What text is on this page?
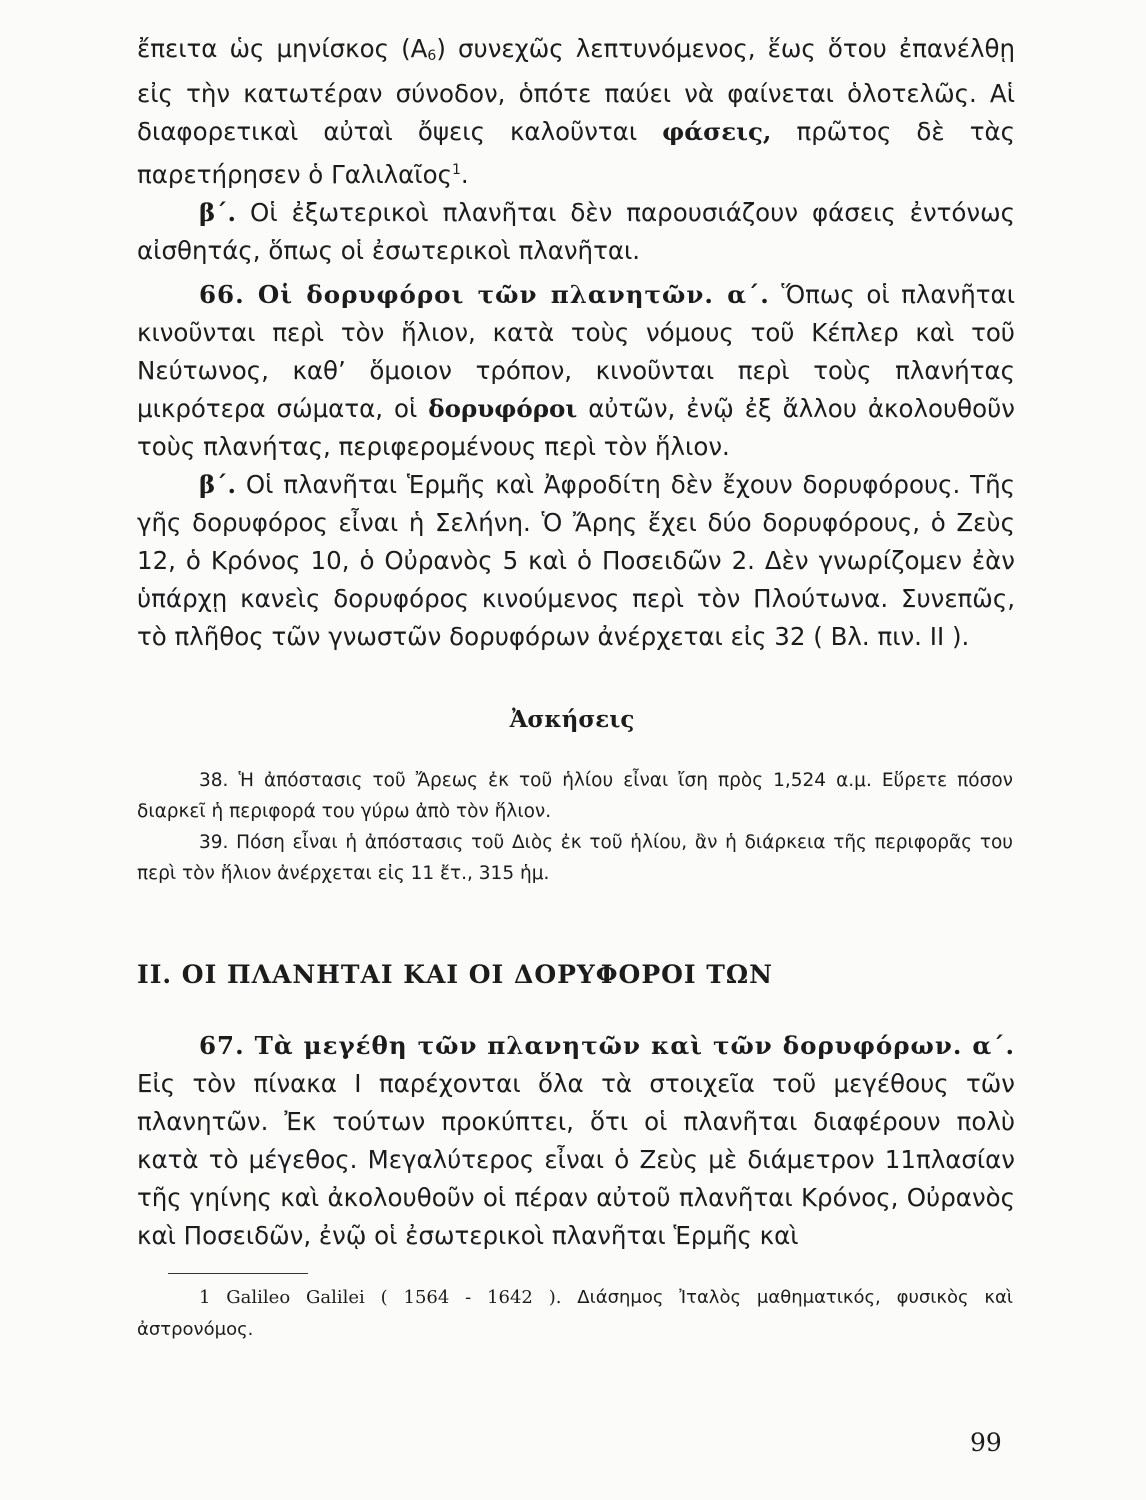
ἔπειτα ὡς μηνίσκος $(A_6)$ συνεχῶς λεπτυνόμενος, ἕως ὅτου ἐπανέλθῃ εἰς τὴν κατωτέραν σύνοδον, ὁπότε παύει νὰ φαίνεται ὁλοτελῶς. Αἱ διαφορετικαὶ αὐταὶ ὄψεις καλοῦνται φάσεις, πρῶτος δὲ τὰς παρετήρησεν ὁ Γαλιλαῖος$^1$.

β΄. Οἱ ἐξωτερικοὶ πλανῆται δὲν παρουσιάζουν φάσεις ἐντόνως αἰσθητάς, ὅπως οἱ ἐσωτερικοὶ πλανῆται.

66. Οἱ δορυφόροι τῶν πλανητῶν. α΄. Ὅπως οἱ πλανῆται κινοῦνται περὶ τὸν ἥλιον, κατὰ τοὺς νόμους τοῦ Κέπλερ καὶ τοῦ Νεύτωνος, καθ’ ὅμοιον τρόπον, κινοῦνται περὶ τοὺς πλανήτας μικρότερα σώματα, οἱ δορυφόροι αὐτῶν, ἐνῷ ἐξ ἄλλου ἀκολουθοῦν τοὺς πλανήτας, περιφερομένους περὶ τὸν ἥλιον.

β΄. Οἱ πλανῆται Ἑρμῆς καὶ Ἀφροδίτη δὲν ἔχουν δορυφόρους. Τῆς γῆς δορυφόρος εἶναι ἡ Σελήνη. Ὁ Ἄρης ἔχει δύο δορυφόρους, ὁ Ζεὺς 12, ὁ Κρόνος 10, ὁ Οὐρανὸς 5 καὶ ὁ Ποσειδῶν 2. Δὲν γνωρίζομεν ἐὰν ὑπάρχῃ κανεὶς δορυφόρος κινούμενος περὶ τὸν Πλούτωνα. Συνεπῶς, τὸ πλῆθος τῶν γνωστῶν δορυφόρων ἀνέρχεται εἰς 32 ( Βλ. πιν. II ).

Ἀσκήσεις

38. Ἡ ἀπόστασις τοῦ Ἄρεως ἐκ τοῦ ἡλίου εἶναι ἴση πρὸς 1,524 α.μ. Εὕρετε πόσον διαρκεῖ ἡ περιφορά του γύρω ἀπὸ τὸν ἥλιον.

39. Πόση εἶναι ἡ ἀπόστασις τοῦ Διὸς ἐκ τοῦ ἡλίου, ἂν ἡ διάρκεια τῆς περιφορᾶς του περὶ τὸν ἥλιον ἀνέρχεται εἰς 11 ἔτ., 315 ἡμ.

II. ΟΙ ΠΛΑΝΗΤΑΙ ΚΑΙ ΟΙ ΔΟΡΥΦΟΡΟΙ ΤΩΝ

67. Τὰ μεγέθη τῶν πλανητῶν καὶ τῶν δορυφόρων. α΄. Εἰς τὸν πίνακα I παρέχονται ὅλα τὰ στοιχεῖα τοῦ μεγέθους τῶν πλανητῶν. Ἐκ τούτων προκύπτει, ὅτι οἱ πλανῆται διαφέρουν πολὺ κατὰ τὸ μέγεθος. Μεγαλύτερος εἶναι ὁ Ζεὺς μὲ διάμετρον 11πλασίαν τῆς γηίνης καὶ ἀκολουθοῦν οἱ πέραν αὐτοῦ πλανῆται Κρόνος, Οὐρανὸς καὶ Ποσειδῶν, ἐνῷ οἱ ἐσωτερικοὶ πλανῆται Ἑρμῆς καὶ

1 Galileo Galilei ( 1564 - 1642 ). Διάσημος Ἰταλὸς μαθηματικός, φυσικὸς καὶ ἀστρονόμος.

99
